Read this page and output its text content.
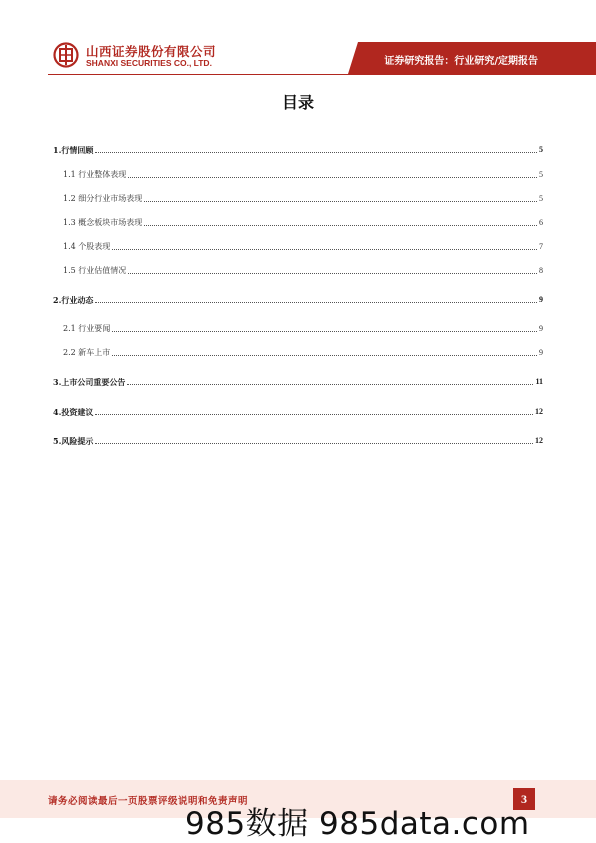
山西证券股份有限公司
SHANXI SECURITIES CO., LTD.	证券研究报告：行业研究/定期报告
目录
1.行情回顾	5
1.1 行业整体表现	5
1.2 细分行业市场表现	5
1.3 概念板块市场表现	6
1.4 个股表现	7
1.5 行业估值情况	8
2.行业动态	9
2.1 行业要闻	9
2.2 新车上市	9
3.上市公司重要公告	11
4.投资建议	12
5.风险提示	12
请务必阅读最后一页股票评级说明和免责声明	3
985数据 985data.com
